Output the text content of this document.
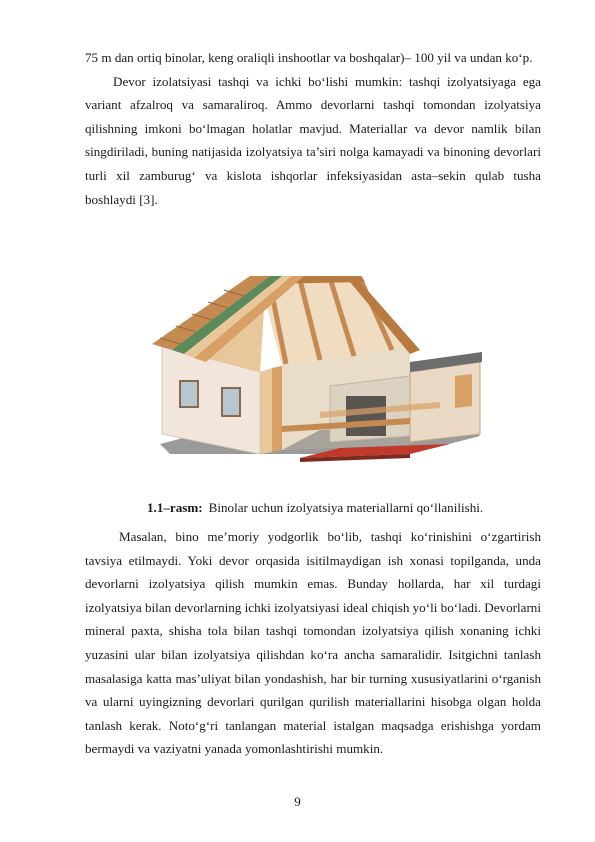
75 m dan ortiq binolar, keng oraliqli inshootlar va boshqalar)– 100 yil va undan ko‘p.

Devor izolatsiyasi tashqi va ichki bo‘lishi mumkin: tashqi izolyatsiyaga ega variant afzalroq va samaraliroq. Ammo devorlarni tashqi tomondan izolyatsiya qilishning imkoni bo‘lmagan holatlar mavjud. Materiallar va devor namlik bilan singdiriladi, buning natijasida izolyatsiya ta’siri nolga kamayadi va binoning devorlari turli xil zamburug‘ va kislota ishqorlar infeksiyasidan asta–sekin qulab tusha boshlaydi [3].

1.1–rasm: Binolar uchun izolyatsiya materiallarni qo‘llanilishi.

Masalan, bino me’moriy yodgorlik bo‘lib, tashqi ko‘rinishini o‘zgartirish tavsiya etilmaydi. Yoki devor orqasida isitilmaydigan ish xonasi topilganda, unda devorlarni izolyatsiya qilish mumkin emas. Bunday hollarda, har xil turdagi izolyatsiya bilan devorlarning ichki izolyatsiyasi ideal chiqish yo‘li bo‘ladi. Devorlarni mineral paxta, shisha tola bilan tashqi tomondan izolyatsiya qilish xonaning ichki yuzasini ular bilan izolyatsiya qilishdan ko‘ra ancha samaralidir. Isitgichni tanlash masalasiga katta mas’uliyat bilan yondashish, har bir turning xususiyatlarini o‘rganish va ularni uyingizning devorlari qurilgan qurilish materiallarini hisobga olgan holda tanlash kerak. Noto‘g‘ri tanlangan material istalgan maqsadga erishishga yordam bermaydi va vaziyatni yanada yomonlashtirishi mumkin.

9
